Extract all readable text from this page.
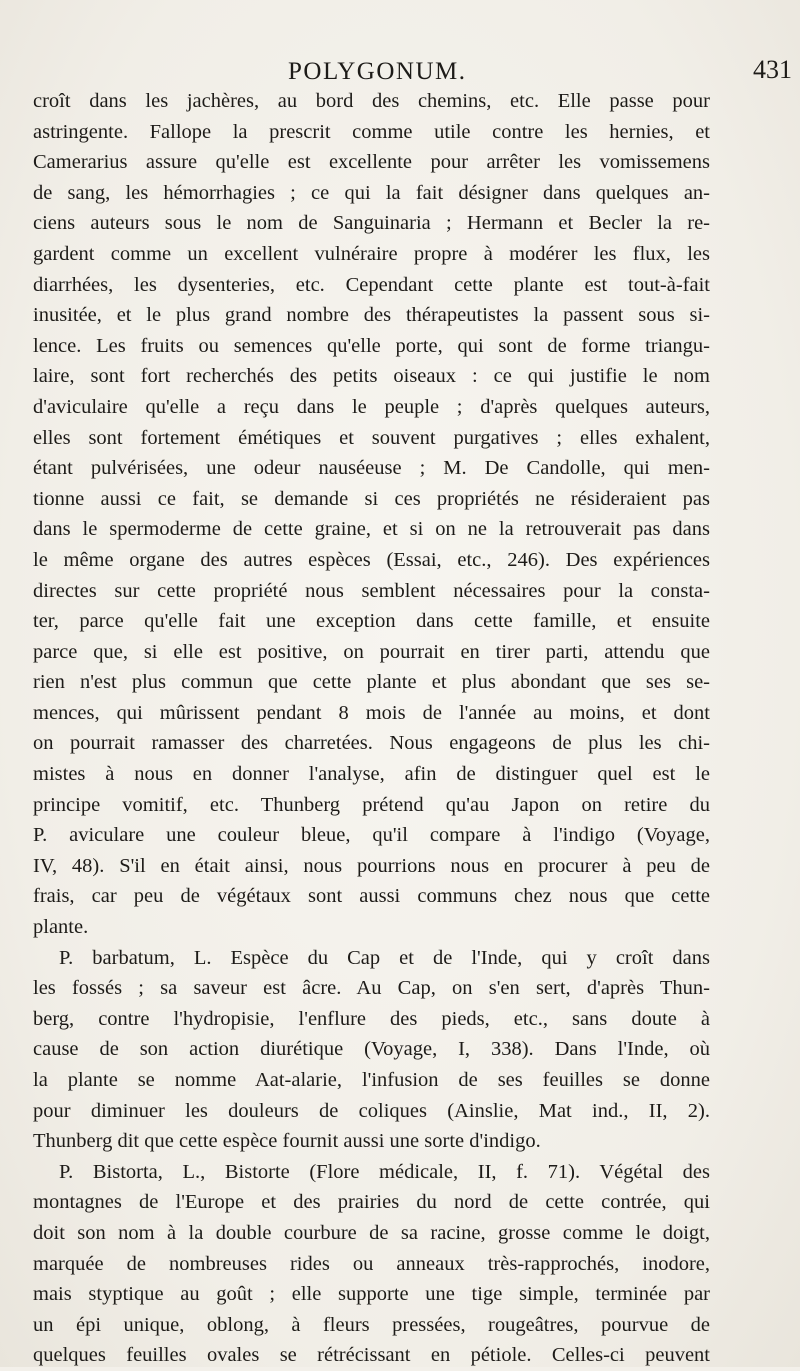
POLYGONUM.	431
croît dans les jachères, au bord des chemins, etc. Elle passe pour
astringente. Fallope la prescrit comme utile contre les hernies, et
Camerarius assure qu'elle est excellente pour arrêter les vomissemens
de sang, les hémorrhagies ; ce qui la fait désigner dans quelques an-
ciens auteurs sous le nom de Sanguinaria ; Hermann et Becler la re-
gardent comme un excellent vulnéraire propre à modérer les flux, les
diarrhées, les dysenteries, etc. Cependant cette plante est tout-à-fait
inusitée, et le plus grand nombre des thérapeutistes la passent sous si-
lence. Les fruits ou semences qu'elle porte, qui sont de forme triangu-
laire, sont fort recherchés des petits oiseaux : ce qui justifie le nom
d'aviculaire qu'elle a reçu dans le peuple ; d'après quelques auteurs,
elles sont fortement émétiques et souvent purgatives ; elles exhalent,
étant pulvérisées, une odeur nauséeuse ; M. De Candolle, qui men-
tionne aussi ce fait, se demande si ces propriétés ne résideraient pas
dans le spermoderme de cette graine, et si on ne la retrouverait pas dans
le même organe des autres espèces (Essai, etc., 246). Des expériences
directes sur cette propriété nous semblent nécessaires pour la consta-
ter, parce qu'elle fait une exception dans cette famille, et ensuite
parce que, si elle est positive, on pourrait en tirer parti, attendu que
rien n'est plus commun que cette plante et plus abondant que ses se-
mences, qui mûrissent pendant 8 mois de l'année au moins, et dont
on pourrait ramasser des charretées. Nous engageons de plus les chi-
mistes à nous en donner l'analyse, afin de distinguer quel est le
principe vomitif, etc. Thunberg prétend qu'au Japon on retire du
P. aviculare une couleur bleue, qu'il compare à l'indigo (Voyage,
IV, 48). S'il en était ainsi, nous pourrions nous en procurer à peu de
frais, car peu de végétaux sont aussi communs chez nous que cette
plante.
P. barbatum, L. Espèce du Cap et de l'Inde, qui y croît dans
les fossés ; sa saveur est âcre. Au Cap, on s'en sert, d'après Thun-
berg, contre l'hydropisie, l'enflure des pieds, etc., sans doute à
cause de son action diurétique (Voyage, I, 338). Dans l'Inde, où
la plante se nomme Aat-alarie, l'infusion de ses feuilles se donne
pour diminuer les douleurs de coliques (Ainslie, Mat ind., II, 2).
Thunberg dit que cette espèce fournit aussi une sorte d'indigo.
P. Bistorta, L., Bistorte (Flore médicale, II, f. 71). Végétal des
montagnes de l'Europe et des prairies du nord de cette contrée, qui
doit son nom à la double courbure de sa racine, grosse comme le doigt,
marquée de nombreuses rides ou anneaux très-rapprochés, inodore,
mais styptique au goût ; elle supporte une tige simple, terminée par
un épi unique, oblong, à fleurs pressées, rougeâtres, pourvue de
quelques feuilles ovales se rétrécissant en pétiole. Celles-ci peuvent
